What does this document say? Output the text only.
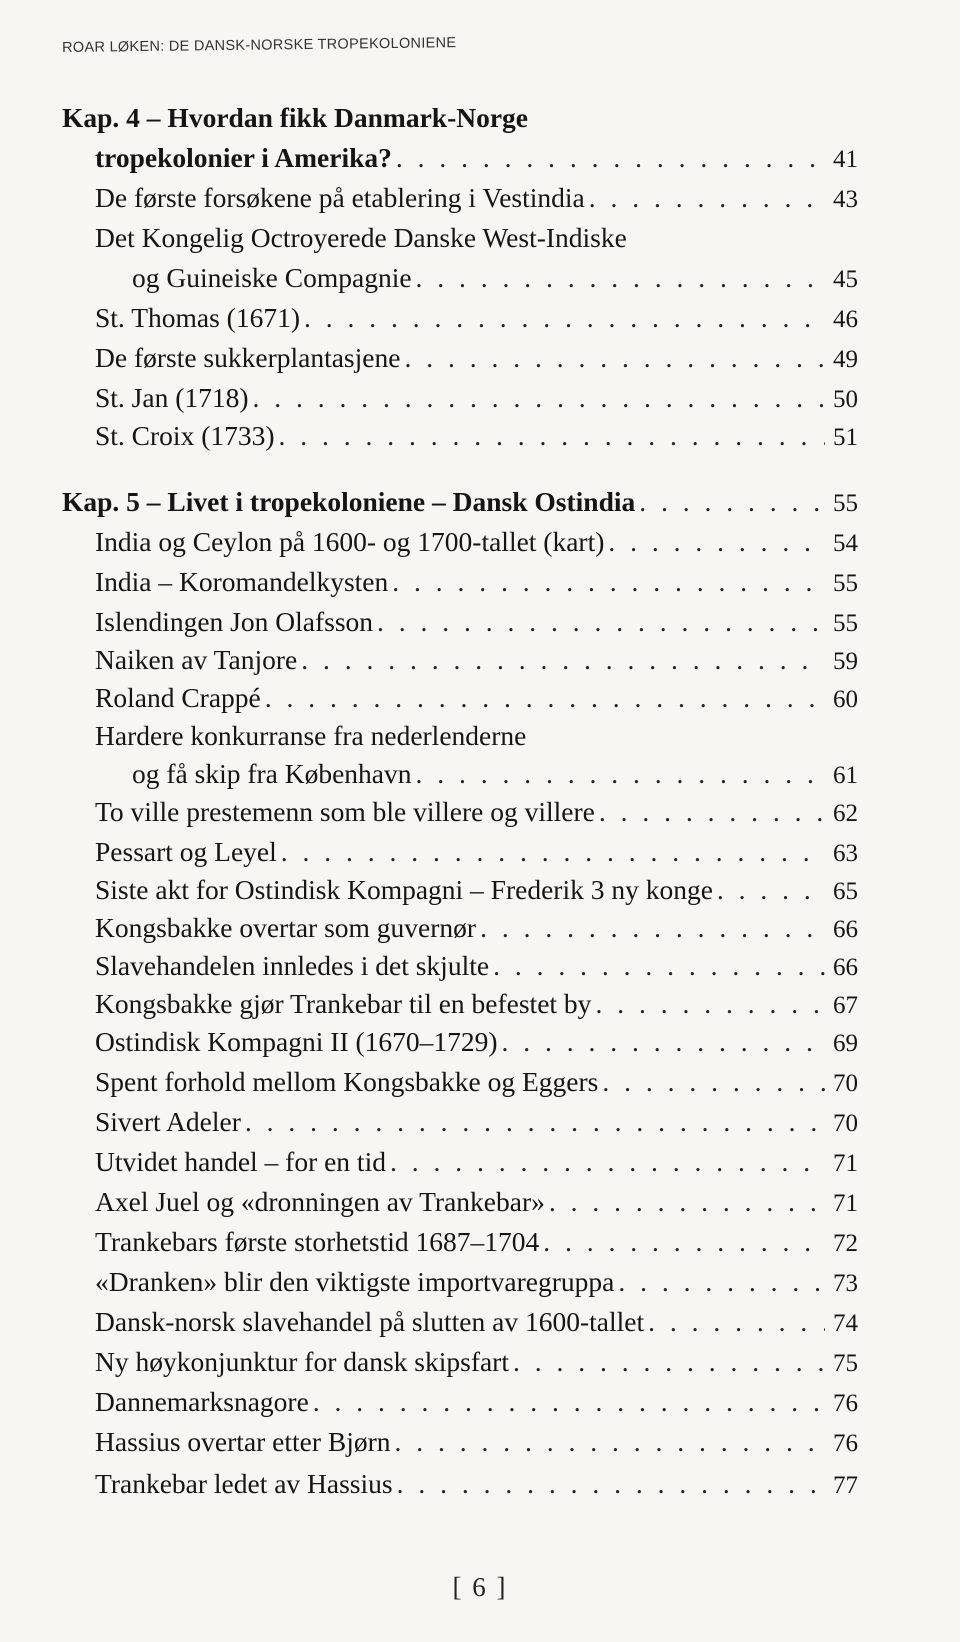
ROAR LØKEN: DE DANSK-NORSKE TROPEKOLONIENE
Kap. 4 – Hvordan fikk Danmark-Norge
tropekolonier i Amerika? . . .	41
De første forsøkene på etablering i Vestindia . . .	43
Det Kongelig Octroyerede Danske West-Indiske
og Guineiske Compagnie . . .	45
St. Thomas (1671) . . .	46
De første sukkerplantasjene . . .	49
St. Jan (1718) . . .	50
St. Croix (1733) . . .	51
Kap. 5 – Livet i tropekoloniene – Dansk Ostindia . . .	55
India og Ceylon på 1600- og 1700-tallet (kart) . . .	54
India – Koromandelkysten . . .	55
Islendingen Jon Olafsson . . .	55
Naiken av Tanjore . . .	59
Roland Crappé . . .	60
Hardere konkurranse fra nederlenderne
og få skip fra København . . .	61
To ville prestemenn som ble villere og villere . . .	62
Pessart og Leyel . . .	63
Siste akt for Ostindisk Kompagni – Frederik 3 ny konge . . .	65
Kongsbakke overtar som guvernør . . .	66
Slavehandelen innledes i det skjulte . . .	66
Kongsbakke gjør Trankebar til en befestet by . . .	67
Ostindisk Kompagni II (1670–1729) . . .	69
Spent forhold mellom Kongsbakke og Eggers . . .	70
Sivert Adeler . . .	70
Utvidet handel – for en tid . . .	71
Axel Juel og «dronningen av Trankebar» . . .	71
Trankebars første storhetstid 1687–1704 . . .	72
«Dranken» blir den viktigste importvaregruppa . . .	73
Dansk-norsk slavehandel på slutten av 1600-tallet . . .	74
Ny høykonjunktur for dansk skipsfart . . .	75
Dannemarksnagore . . .	76
Hassius overtar etter Bjørn . . .	76
Trankebar ledet av Hassius . . .	77
[ 6 ]
